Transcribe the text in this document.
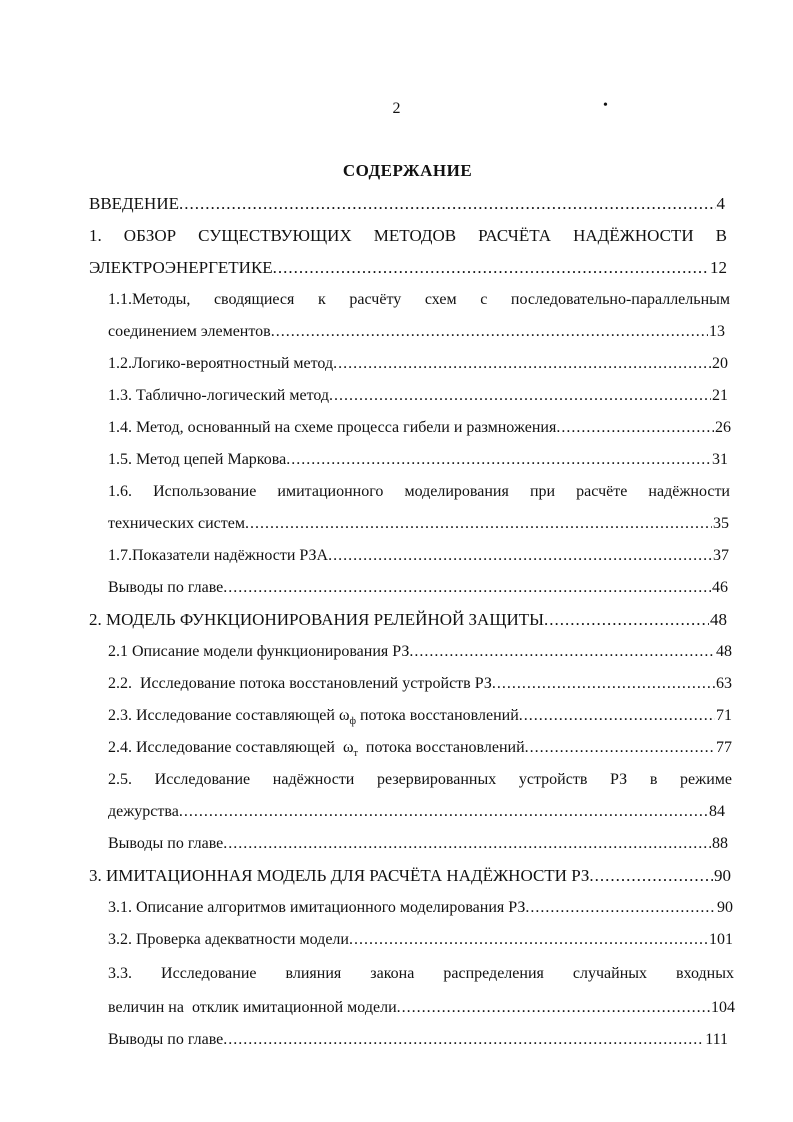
2	•
СОДЕРЖАНИЕ
ВВЕДЕНИЕ .....	4
1. ОБЗОР СУЩЕСТВУЮЩИХ МЕТОДОВ РАСЧЁТА НАДЁЖНОСТИ В
ЭЛЕКТРОЭНЕРГЕТИКЕ .....	12
1.1.Методы, сводящиеся к расчёту схем с последовательно-параллельным
соединением элементов .....	13
1.2.Логико-вероятностный метод .....	20
1.3. Таблично-логический метод .....	21
1.4. Метод, основанный на схеме процесса гибели и размножения .....	26
1.5. Метод цепей Маркова .....	31
1.6. Использование имитационного моделирования при расчёте надёжности
технических систем .....	35
1.7.Показатели надёжности РЗА .....	37
Выводы по главе .....	46
2. МОДЕЛЬ ФУНКЦИОНИРОВАНИЯ РЕЛЕЙНОЙ ЗАЩИТЫ .....	48
2.1 Описание модели функционирования РЗ .....	48
2.2.  Исследование потока восстановлений устройств РЗ .....	63
2.3. Исследование составляющей $\omega_ф$ потока восстановлений .....	71
2.4. Исследование составляющей  $\omega_т$  потока восстановлений .....	77
2.5. Исследование надёжности резервированных устройств РЗ в режиме
дежурства .....	84
Выводы по главе .....	88
3. ИМИТАЦИОННАЯ МОДЕЛЬ ДЛЯ РАСЧЁТА НАДЁЖНОСТИ РЗ .....	90
3.1. Описание алгоритмов имитационного моделирования РЗ .....	90
3.2. Проверка адекватности модели .....	101
3.3. Исследование влияния закона распределения случайных входных
величин на  отклик имитационной модели .....	104
Выводы по главе .....	111
